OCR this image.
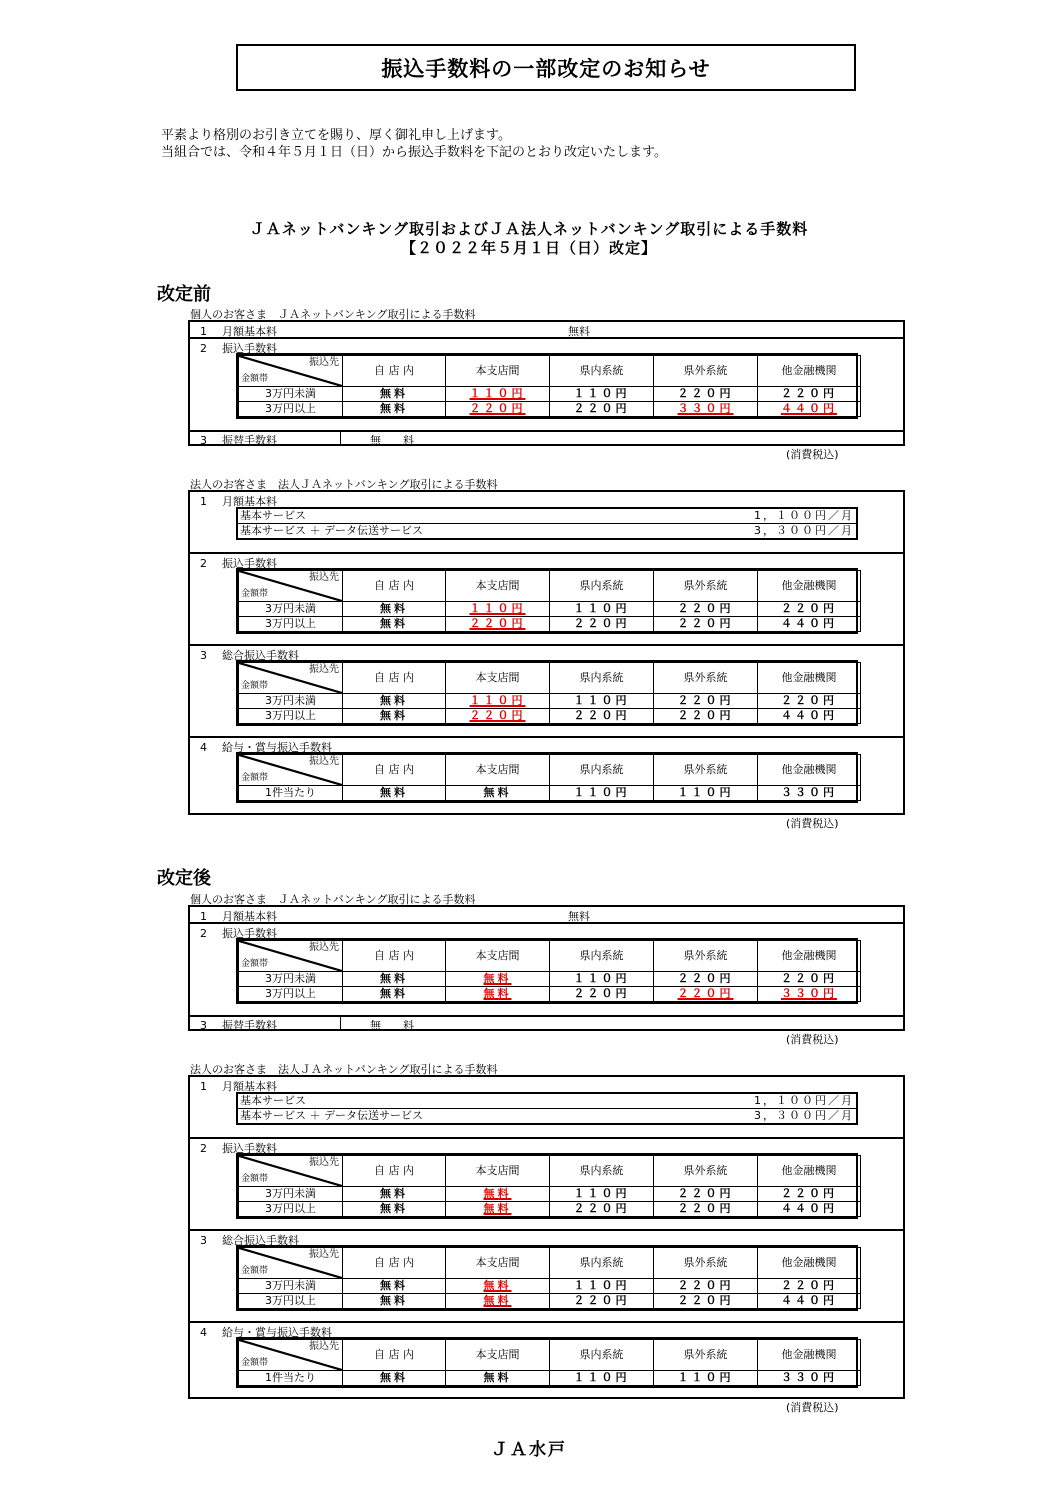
振込手数料の一部改定のお知らせ
平素より格別のお引き立てを賜り、厚く御礼申し上げます。
当組合では、令和４年５月１日（日）から振込手数料を下記のとおり改定いたします。
ＪＡネットバンキング取引およびＪＡ法人ネットバンキング取引による手数料
【２０２２年５月１日（日）改定】
改定前
個人のお客さま　ＪＡネットバンキング取引による手数料
1 月額基本料	無料
2 振込手数料
振込先
金額帯	自 店 内	本支店間	県内系統	県外系統	他金融機関
3万円未満	無料	１１０円	１１０円	２２０円	２２０円
3万円以上	無料	２２０円	２２０円	３３０円	４４０円
3 振替手数料	無　　料
(消費税込)
法人のお客さま　法人ＪＡネットバンキング取引による手数料
1 月額基本料
基本サービス	1，１００円／月
基本サービス ＋ データ伝送サービス	3，３００円／月
2 振込手数料
振込先
金額帯	自 店 内	本支店間	県内系統	県外系統	他金融機関
3万円未満	無料	１１０円	１１０円	２２０円	２２０円
3万円以上	無料	２２０円	２２０円	２２０円	４４０円
3 総合振込手数料
振込先
金額帯	自 店 内	本支店間	県内系統	県外系統	他金融機関
3万円未満	無料	１１０円	１１０円	２２０円	２２０円
3万円以上	無料	２２０円	２２０円	２２０円	４４０円
4 給与・賞与振込手数料
振込先
金額帯	自 店 内	本支店間	県内系統	県外系統	他金融機関
1件当たり	無料	無料	１１０円	１１０円	３３０円
(消費税込)
改定後
個人のお客さま　ＪＡネットバンキング取引による手数料
1 月額基本料	無料
2 振込手数料
振込先
金額帯	自 店 内	本支店間	県内系統	県外系統	他金融機関
3万円未満	無料	無料	１１０円	２２０円	２２０円
3万円以上	無料	無料	２２０円	２２０円	３３０円
3 振替手数料	無　　料
(消費税込)
法人のお客さま　法人ＪＡネットバンキング取引による手数料
1 月額基本料
基本サービス	1，１００円／月
基本サービス ＋ データ伝送サービス	3，３００円／月
2 振込手数料
振込先
金額帯	自 店 内	本支店間	県内系統	県外系統	他金融機関
3万円未満	無料	無料	１１０円	２２０円	２２０円
3万円以上	無料	無料	２２０円	２２０円	４４０円
3 総合振込手数料
振込先
金額帯	自 店 内	本支店間	県内系統	県外系統	他金融機関
3万円未満	無料	無料	１１０円	２２０円	２２０円
3万円以上	無料	無料	２２０円	２２０円	４４０円
4 給与・賞与振込手数料
振込先
金額帯	自 店 内	本支店間	県内系統	県外系統	他金融機関
1件当たり	無料	無料	１１０円	１１０円	３３０円
(消費税込)
ＪＡ水戸
